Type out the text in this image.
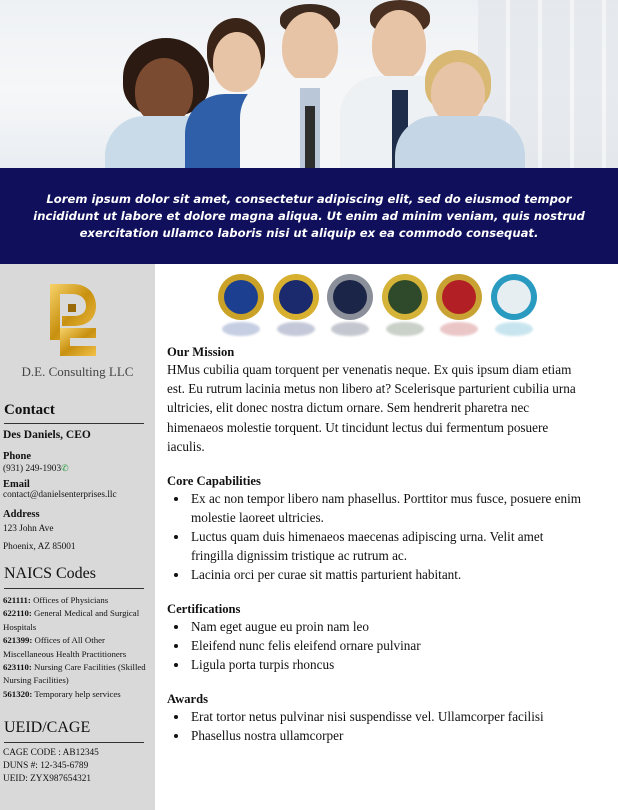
Lorem ipsum dolor sit amet, consectetur adipiscing elit, sed do eiusmod tempor incididunt ut labore et dolore magna aliqua. Ut enim ad minim veniam, quis nostrud exercitation ullamco laboris nisi ut aliquip ex ea commodo consequat.

D.E. Consulting LLC
Contact
Des Daniels, CEO
Phone
(931) 249-1903✆
Email
contact@danielsenterprises.llc
Address
123 John Ave
Phoenix, AZ 85001
NAICS Codes
621111: Offices of Physicians
622110: General Medical and Surgical Hospitals
621399: Offices of All Other Miscellaneous Health Practitioners
623110: Nursing Care Facilities (Skilled Nursing Facilities)
561320: Temporary help services
UEID/CAGE
CAGE CODE : AB12345
DUNS #: 12-345-6789
UEID: ZYX987654321
Our Mission

HMus cubilia quam torquent per venenatis neque. Ex quis ipsum diam etiam est. Eu rutrum lacinia metus non libero at? Scelerisque parturient cubilia urna ultricies, elit donec nostra dictum ornare. Sem hendrerit pharetra nec himenaeos molestie torquent. Ut tincidunt lectus dui fermentum posuere iaculis.

Core Capabilities
• Ex ac non tempor libero nam phasellus. Porttitor mus fusce, posuere enim molestie laoreet ultricies.
• Luctus quam duis himenaeos maecenas adipiscing urna. Velit amet fringilla dignissim tristique ac rutrum ac.
• Lacinia orci per curae sit mattis parturient habitant.
Certifications
• Nam eget augue eu proin nam leo
• Eleifend nunc felis eleifend ornare pulvinar
• Ligula porta turpis rhoncus
Awards
• Erat tortor netus pulvinar nisi suspendisse vel. Ullamcorper facilisi
• Phasellus nostra ullamcorper
